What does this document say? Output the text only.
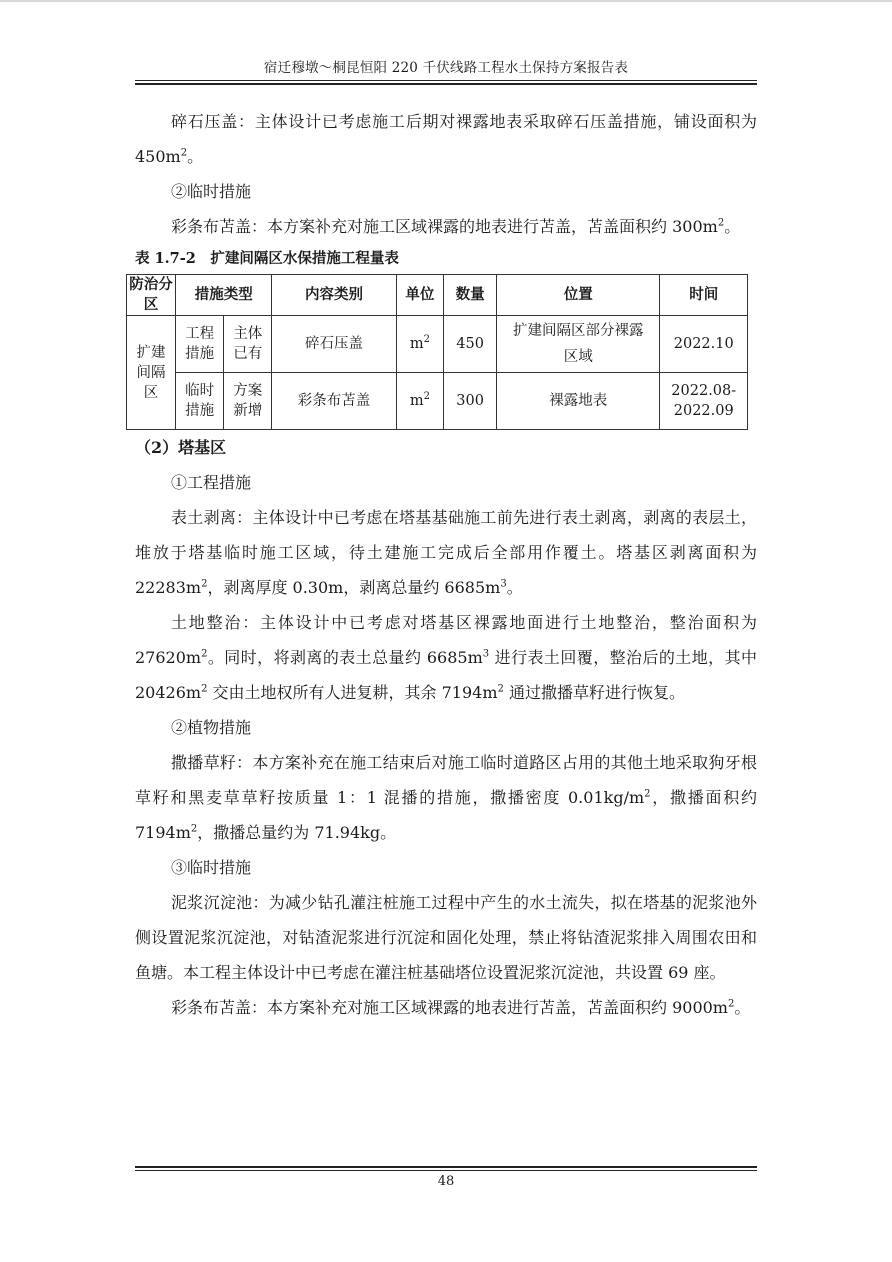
宿迁穆墩～桐昆恒阳 220 千伏线路工程水土保持方案报告表

碎石压盖：主体设计已考虑施工后期对裸露地表采取碎石压盖措施，铺设面积为 $450m^2$。

②临时措施

彩条布苫盖：本方案补充对施工区域裸露的地表进行苫盖，苫盖面积约 $300m^2$。

表 1.7-2　扩建间隔区水保措施工程量表

防治分区	措施类型		内容类别	单位	数量	位置	时间
扩建间隔区	工程措施	主体已有	碎石压盖	$m^2$	450	扩建间隔区部分裸露区域	2022.10
	临时措施	方案新增	彩条布苫盖	$m^2$	300	裸露地表	2022.08-2022.09

（2）塔基区

①工程措施

表土剥离：主体设计中已考虑在塔基基础施工前先进行表土剥离，剥离的表层土，堆放于塔基临时施工区域，待土建施工完成后全部用作覆土。塔基区剥离面积为 $22283m^2$，剥离厚度 0.30m，剥离总量约 $6685m^3$。

土地整治：主体设计中已考虑对塔基区裸露地面进行土地整治，整治面积为 $27620m^2$。同时，将剥离的表土总量约 $6685m^3$ 进行表土回覆，整治后的土地，其中 $20426m^2$ 交由土地权所有人进复耕，其余 $7194m^2$ 通过撒播草籽进行恢复。

②植物措施

撒播草籽：本方案补充在施工结束后对施工临时道路区占用的其他土地采取狗牙根草籽和黑麦草草籽按质量 1：1 混播的措施，撒播密度 $0.01kg/m^2$，撒播面积约 $7194m^2$，撒播总量约为 71.94kg。

③临时措施

泥浆沉淀池：为减少钻孔灌注桩施工过程中产生的水土流失，拟在塔基的泥浆池外侧设置泥浆沉淀池，对钻渣泥浆进行沉淀和固化处理，禁止将钻渣泥浆排入周围农田和鱼塘。本工程主体设计中已考虑在灌注桩基础塔位设置泥浆沉淀池，共设置 69 座。

彩条布苫盖：本方案补充对施工区域裸露的地表进行苫盖，苫盖面积约 $9000m^2$。

48
